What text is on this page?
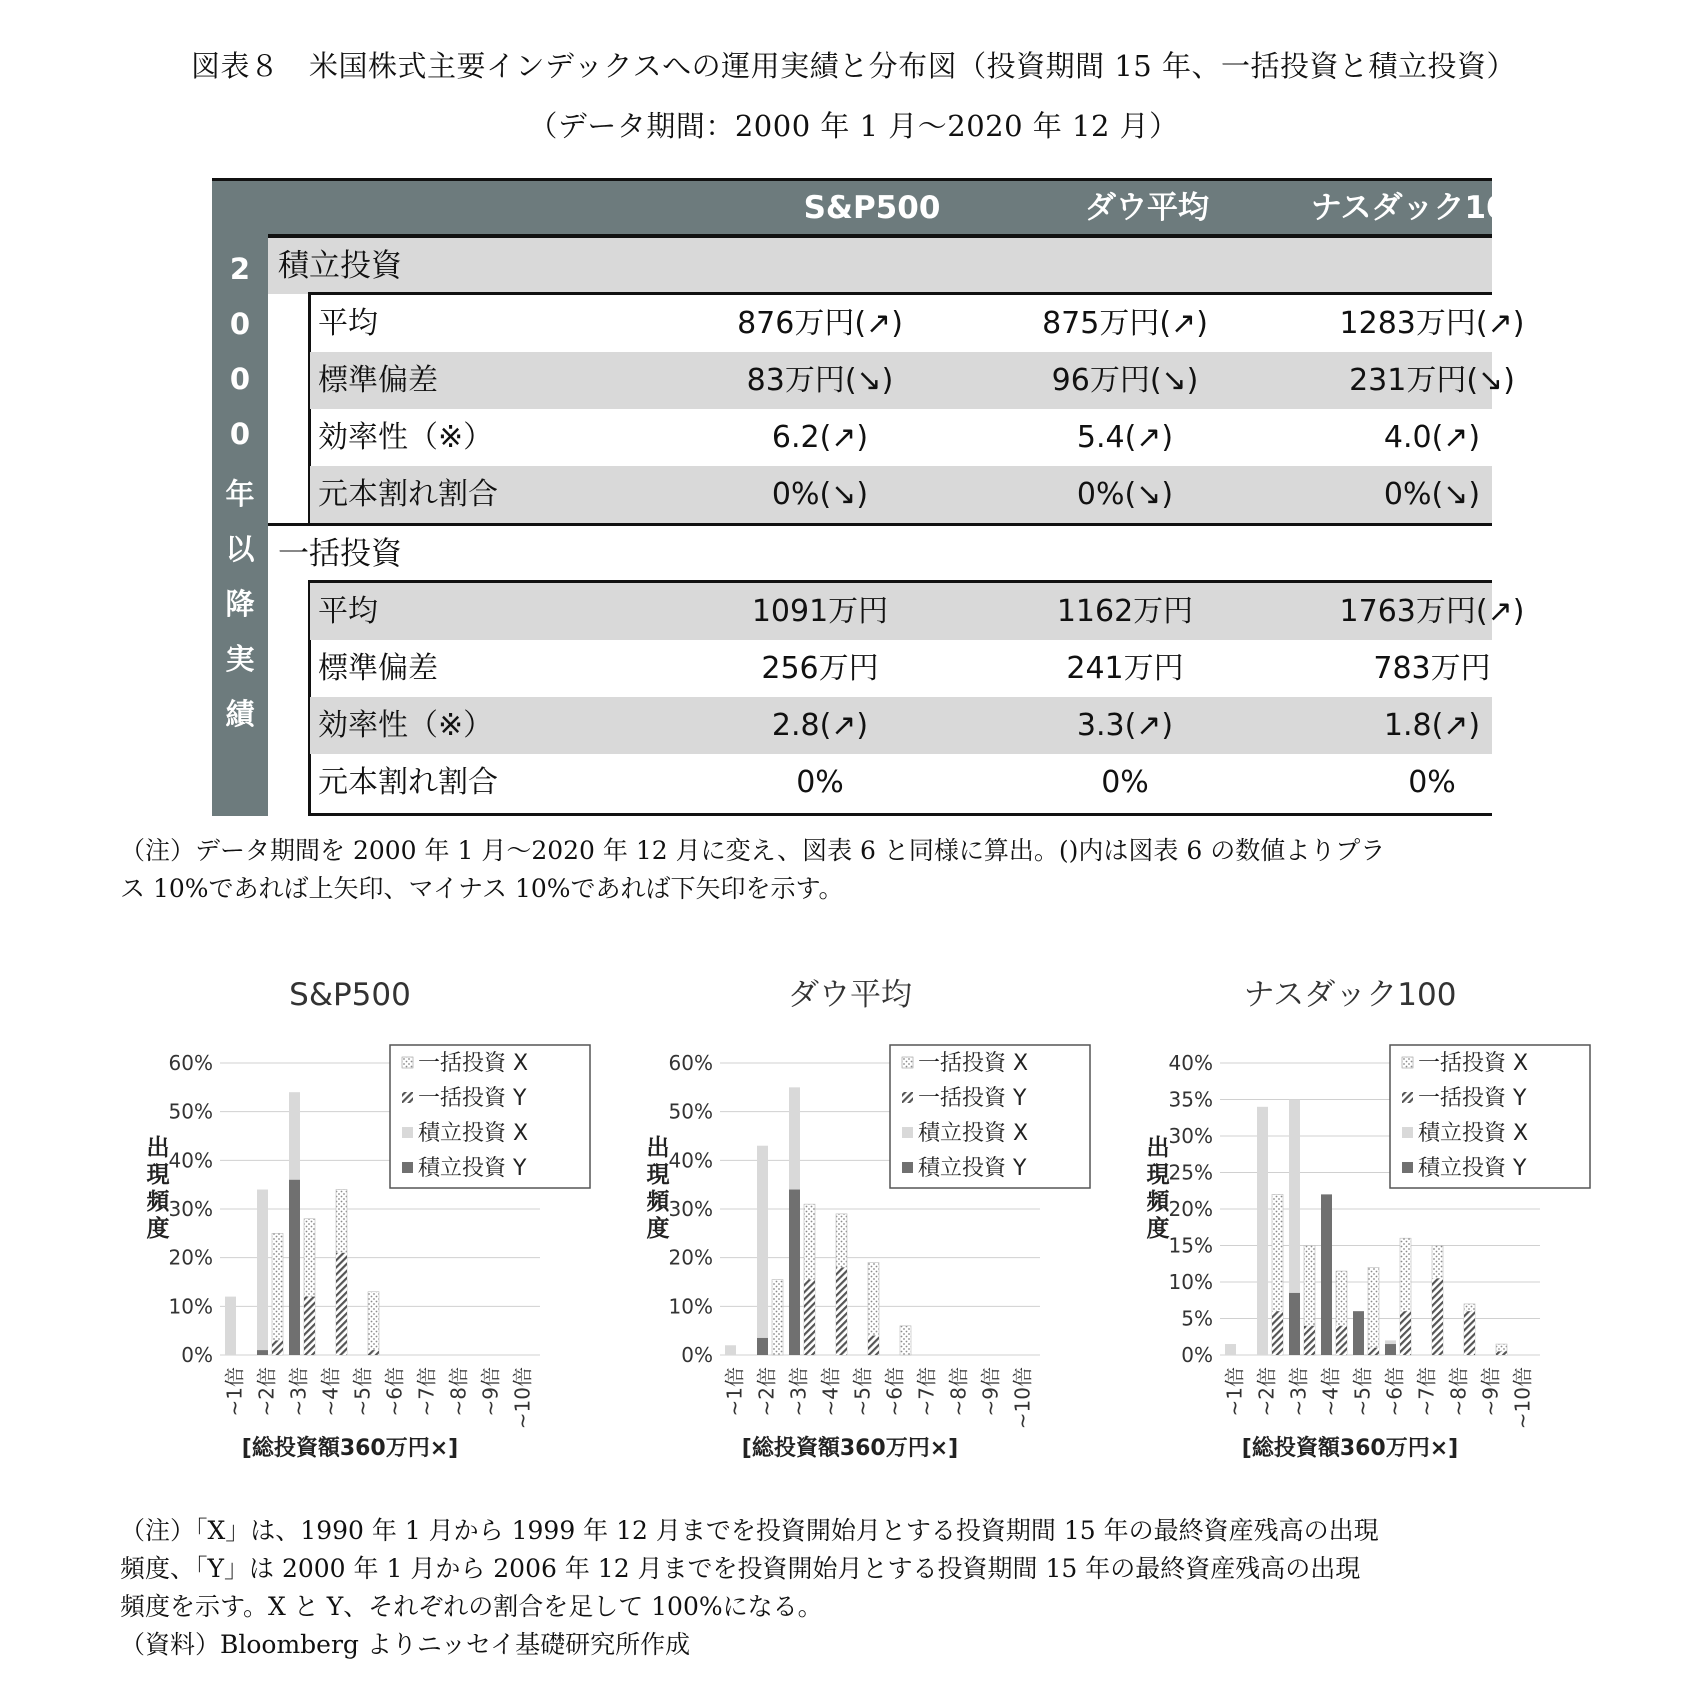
図表８　米国株式主要インデックスへの運用実績と分布図（投資期間 15 年、一括投資と積立投資）
（データ期間：2000 年 1 月～2020 年 12 月）
S&P500	ダウ平均	ナスダック100
2
0
0
0
年
以
降
実
績
積立投資
平均	876万円(↗)	875万円(↗)	1283万円(↗)
標準偏差	83万円(↘)	96万円(↘)	231万円(↘)
効率性（※）	6.2(↗)	5.4(↗)	4.0(↗)
元本割れ割合	0%(↘)	0%(↘)	0%(↘)
一括投資
平均	1091万円	1162万円	1763万円(↗)
標準偏差	256万円	241万円	783万円
効率性（※）	2.8(↗)	3.3(↗)	1.8(↗)
元本割れ割合	0%	0%	0%
（注）データ期間を 2000 年 1 月～2020 年 12 月に変え、図表 6 と同様に算出。()内は図表 6 の数値よりプラ
ス 10%であれば上矢印、マイナス 10%であれば下矢印を示す。
S&P500
0%
10%
20%
30%
40%
50%
60%
出
現
頻
度
~1倍 ~2倍 ~3倍 ~4倍 ~5倍 ~6倍 ~7倍 ~8倍 ~9倍 ~10倍
[総投資額360万円×]
一括投資 X
一括投資 Y
積立投資 X
積立投資 Y
ダウ平均
0%
10%
20%
30%
40%
50%
60%
出
現
頻
度
~1倍 ~2倍 ~3倍 ~4倍 ~5倍 ~6倍 ~7倍 ~8倍 ~9倍 ~10倍
[総投資額360万円×]
一括投資 X
一括投資 Y
積立投資 X
積立投資 Y
ナスダック100
0%
5%
10%
15%
20%
25%
30%
35%
40%
出
現
頻
度
~1倍 ~2倍 ~3倍 ~4倍 ~5倍 ~6倍 ~7倍 ~8倍 ~9倍 ~10倍
[総投資額360万円×]
一括投資 X
一括投資 Y
積立投資 X
積立投資 Y
（注）「X」は、1990 年 1 月から 1999 年 12 月までを投資開始月とする投資期間 15 年の最終資産残高の出現
頻度、「Y」は 2000 年 1 月から 2006 年 12 月までを投資開始月とする投資期間 15 年の最終資産残高の出現
頻度を示す。X と Y、それぞれの割合を足して 100%になる。
（資料）Bloomberg よりニッセイ基礎研究所作成
